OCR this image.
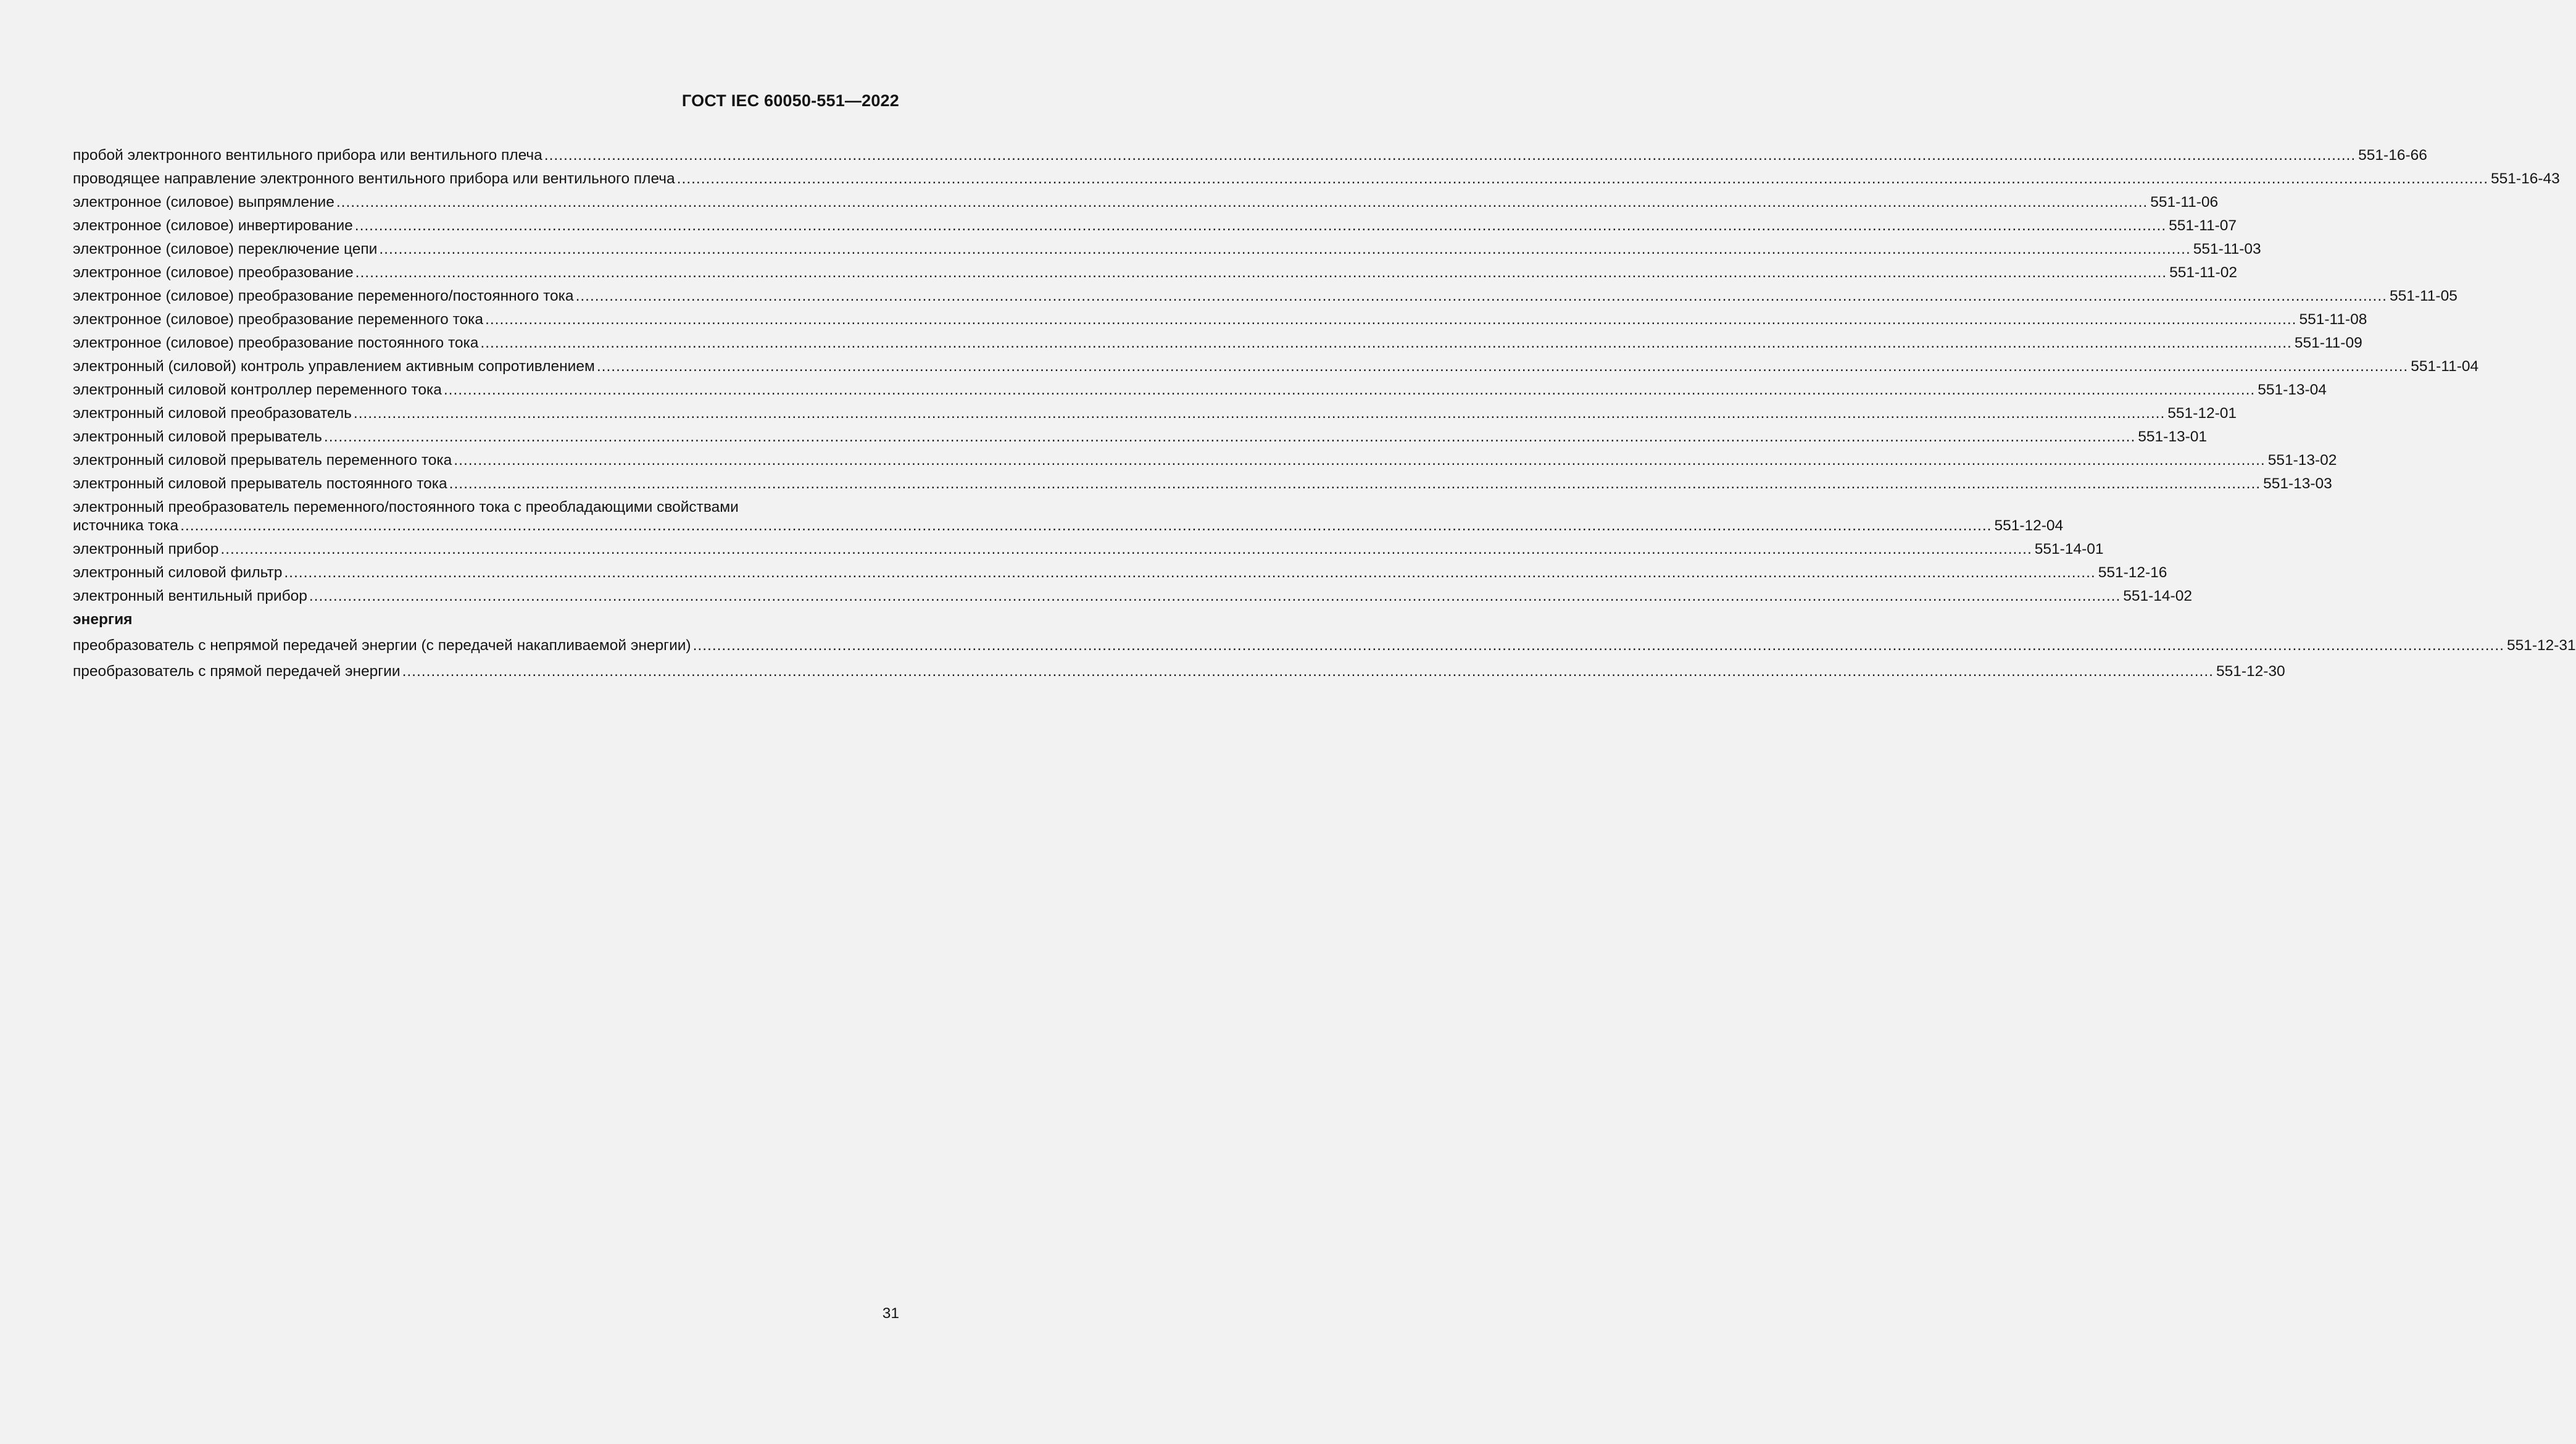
ГОСТ IEC 60050-551—2022
пробой электронного вентильного прибора или вентильного плеча ........................................................................................................................................................................................................................................................................................................................................................................................ 551-16-66
проводящее направление электронного вентильного прибора или вентильного плеча ........................................................................................................................................................................................................................................................................................................................................................................................ 551-16-43
электронное (силовое) выпрямление ........................................................................................................................................................................................................................................................................................................................................................................................ 551-11-06
электронное (силовое) инвертирование ........................................................................................................................................................................................................................................................................................................................................................................................ 551-11-07
электронное (силовое) переключение цепи ........................................................................................................................................................................................................................................................................................................................................................................................ 551-11-03
электронное (силовое) преобразование ........................................................................................................................................................................................................................................................................................................................................................................................ 551-11-02
электронное (силовое) преобразование переменного/постоянного тока ........................................................................................................................................................................................................................................................................................................................................................................................ 551-11-05
электронное (силовое) преобразование переменного тока ........................................................................................................................................................................................................................................................................................................................................................................................ 551-11-08
электронное (силовое) преобразование постоянного тока ........................................................................................................................................................................................................................................................................................................................................................................................ 551-11-09
электронный (силовой) контроль управлением активным сопротивлением ........................................................................................................................................................................................................................................................................................................................................................................................ 551-11-04
электронный силовой контроллер переменного тока ........................................................................................................................................................................................................................................................................................................................................................................................ 551-13-04
электронный силовой преобразователь ........................................................................................................................................................................................................................................................................................................................................................................................ 551-12-01
электронный силовой прерыватель ........................................................................................................................................................................................................................................................................................................................................................................................ 551-13-01
электронный силовой прерыватель переменного тока ........................................................................................................................................................................................................................................................................................................................................................................................ 551-13-02
электронный силовой прерыватель постоянного тока ........................................................................................................................................................................................................................................................................................................................................................................................ 551-13-03
электронный преобразователь переменного/постоянного тока с преобладающими свойствами
источника тока ........................................................................................................................................................................................................................................................................................................................................................................................ 551-12-04
электронный прибор ........................................................................................................................................................................................................................................................................................................................................................................................ 551-14-01
электронный силовой фильтр ........................................................................................................................................................................................................................................................................................................................................................................................ 551-12-16
электронный вентильный прибор ........................................................................................................................................................................................................................................................................................................................................................................................ 551-14-02
энергия
преобразователь с непрямой передачей энергии (с передачей накапливаемой энергии) ........................................................................................................................................................................................................................................................................................................................................................................................ 551-12-31
преобразователь с прямой передачей энергии ........................................................................................................................................................................................................................................................................................................................................................................................ 551-12-30
31
